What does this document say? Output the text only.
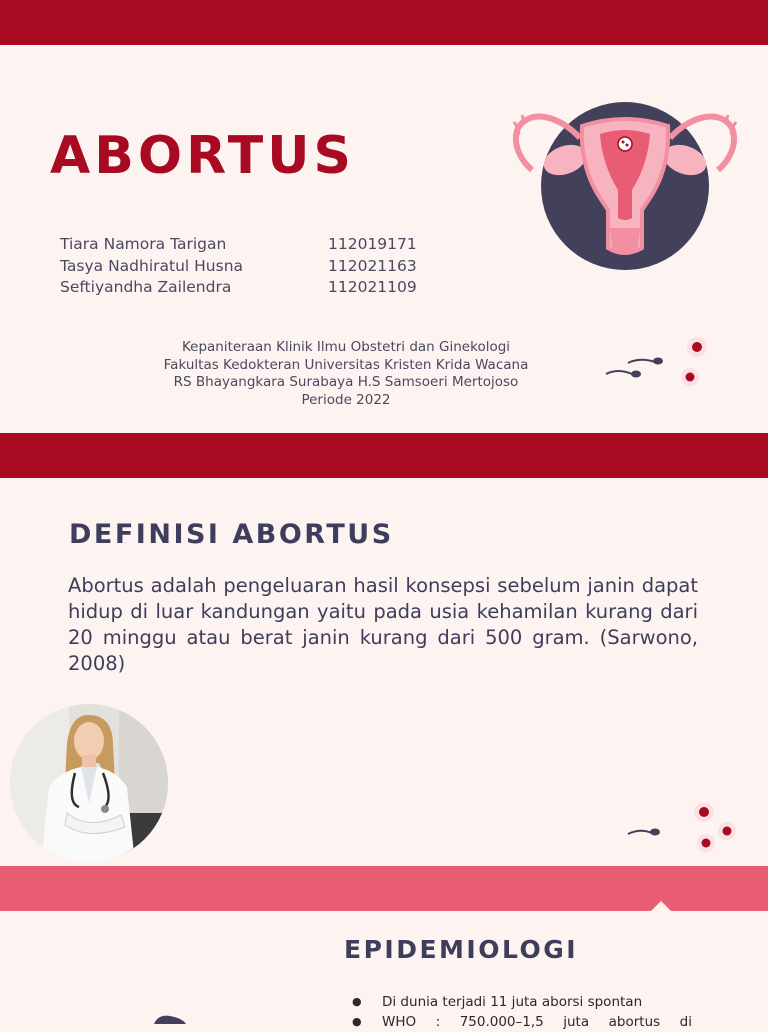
ABORTUS
Tiara Namora Tarigan	112019171
Tasya Nadhiratul Husna	112021163
Seftiyandha Zailendra	112021109
Kepaniteraan Klinik Ilmu Obstetri dan Ginekologi
Fakultas Kedokteran Universitas Kristen Krida Wacana
RS Bhayangkara Surabaya H.S Samsoeri Mertojoso
Periode 2022
DEFINISI ABORTUS

Abortus adalah pengeluaran hasil konsepsi sebelum janin dapat hidup di luar kandungan yaitu pada usia kehamilan kurang dari 20 minggu atau berat janin kurang dari 500 gram. (Sarwono, 2008)

EPIDEMIOLOGI
● Di dunia terjadi 11 juta aborsi spontan
● WHO : 750.000–1,5 juta abortus di
